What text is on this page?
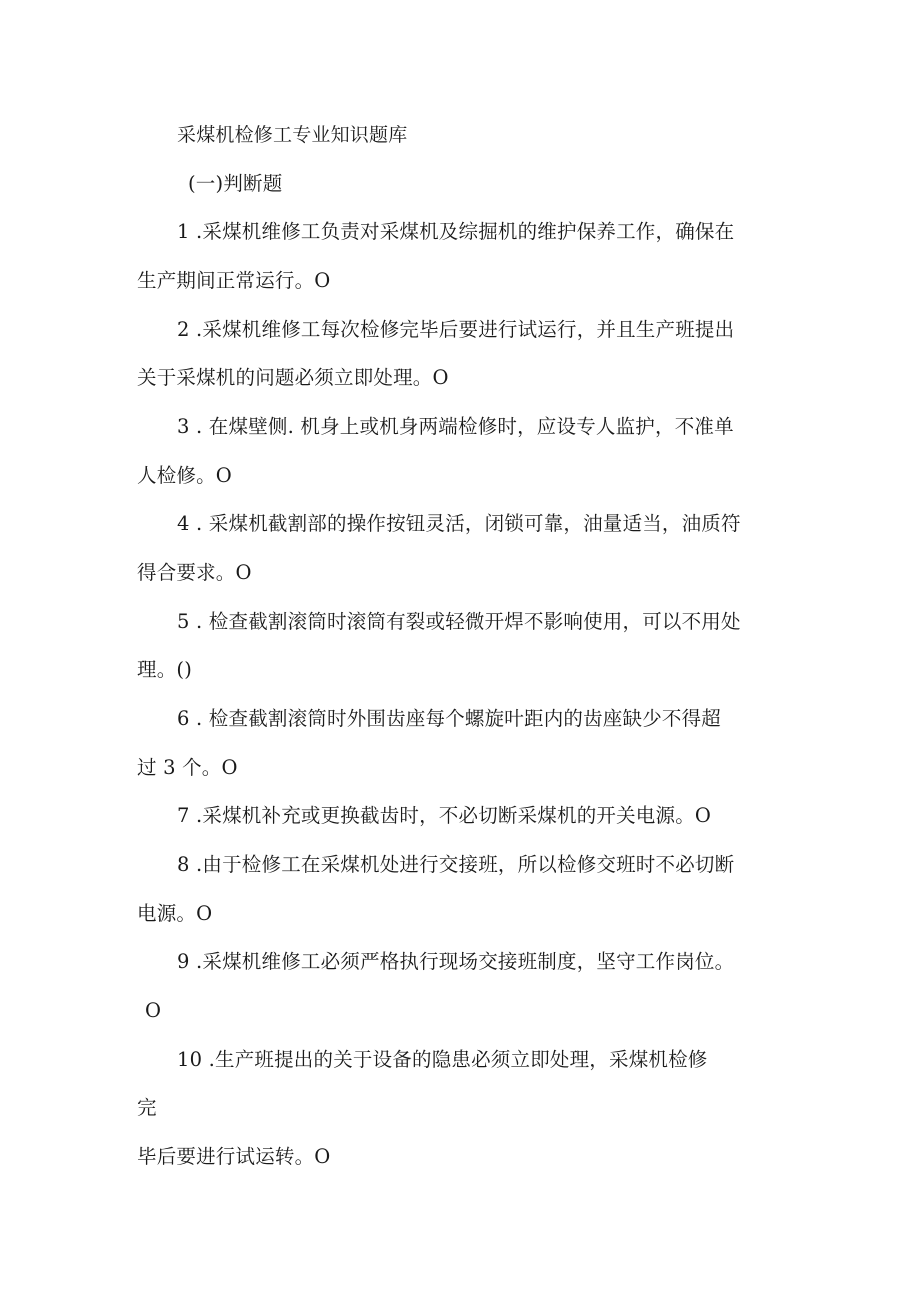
采煤机检修工专业知识题库
(一)判断题
1 .采煤机维修工负责对采煤机及综掘机的维护保养工作，确保在
生产期间正常运行。O
2 .采煤机维修工每次检修完毕后要进行试运行，并且生产班提出
关于采煤机的问题必须立即处理。O
3 . 在煤壁侧. 机身上或机身两端检修时，应设专人监护，不准单
人检修。O
4 . 采煤机截割部的操作按钮灵活，闭锁可靠，油量适当，油质符
得合要求。O
5 . 检查截割滚筒时滚筒有裂或轻微开焊不影响使用，可以不用处
理。()
6 . 检查截割滚筒时外围齿座每个螺旋叶距内的齿座缺少不得超
过 3 个。O
7 .采煤机补充或更换截齿时，不必切断采煤机的开关电源。O
8 .由于检修工在采煤机处进行交接班，所以检修交班时不必切断
电源。O
9 .采煤机维修工必须严格执行现场交接班制度，坚守工作岗位。
O
10 .生产班提出的关于设备的隐患必须立即处理，采煤机检修
完
毕后要进行试运转。O
